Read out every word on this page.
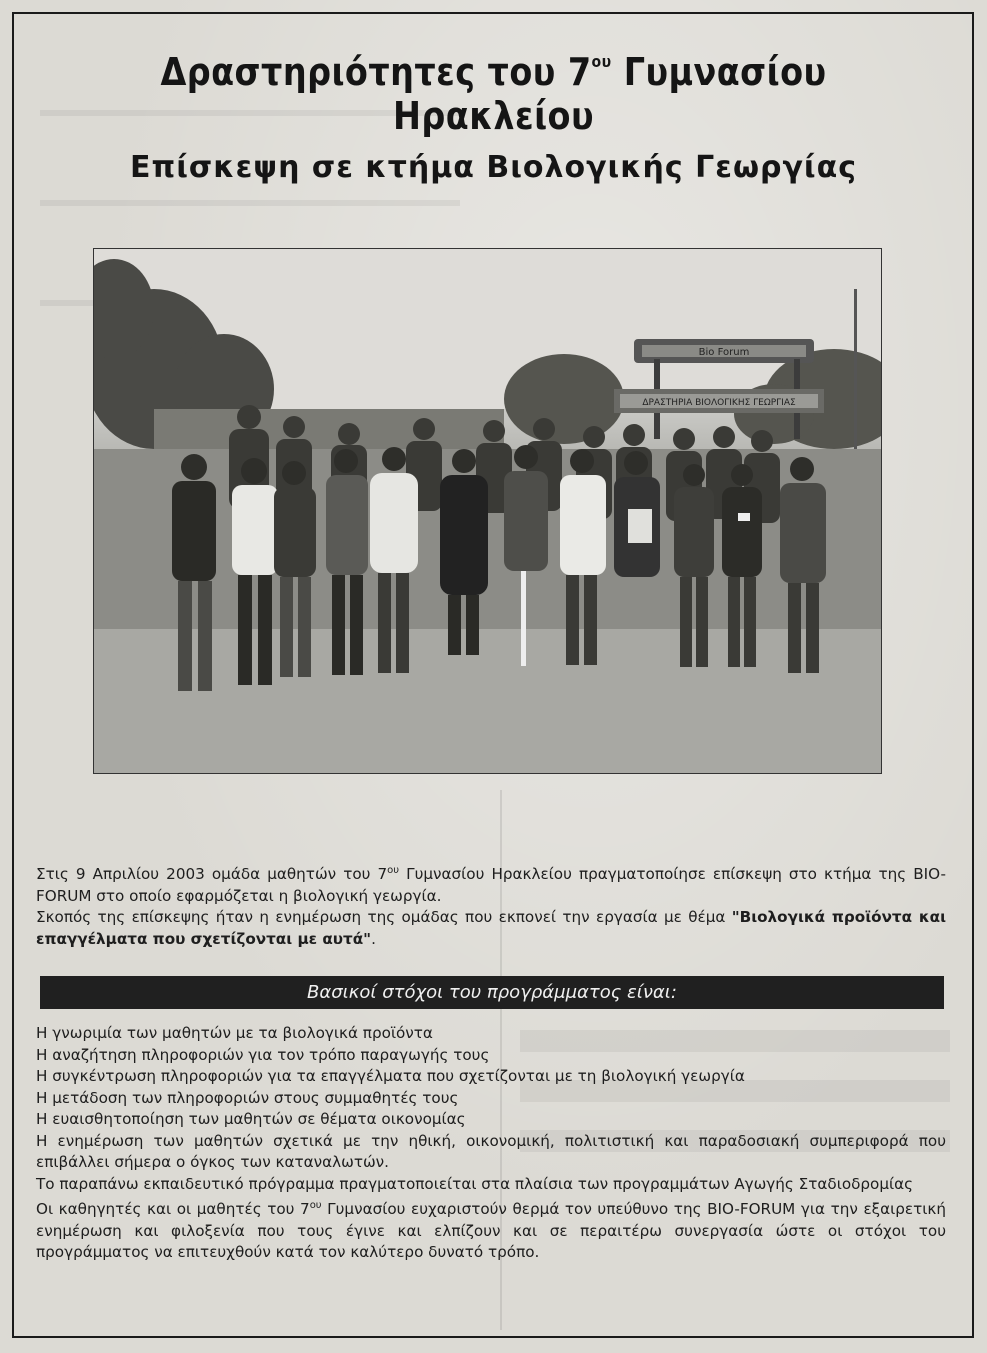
Δραστηριότητες του $7^{o\upsilon}$ Γυμνασίου Ηρακλείου
Επίσκεψη σε κτήμα Βιολογικής Γεωργίας
Bio Forum
ΔΡΑΣΤΗΡΙΑ ΒΙΟΛΟΓΙΚΗΣ ΓΕΩΡΓΙΑΣ

Στις 9 Απριλίου 2003 ομάδα μαθητών του $7^{o\upsilon}$ Γυμνασίου Ηρακλείου πραγματοποίησε επίσκεψη στο κτήμα της BIO-FORUM στο οποίο εφαρμόζεται η βιολογική γεωργία.

Σκοπός της επίσκεψης ήταν η ενημέρωση της ομάδας που εκπονεί την εργασία με θέμα "Βιολογικά προϊόντα και επαγγέλματα που σχετίζονται με αυτά".

Βασικοί στόχοι του προγράμματος είναι:

Η γνωριμία των μαθητών με τα βιολογικά προϊόντα

Η αναζήτηση πληροφοριών για τον τρόπο παραγωγής τους

Η συγκέντρωση πληροφοριών για τα επαγγέλματα που σχετίζονται με τη βιολογική γεωργία

Η μετάδοση των πληροφοριών στους συμμαθητές τους

Η ευαισθητοποίηση των μαθητών σε θέματα οικονομίας

Η ενημέρωση των μαθητών σχετικά με την ηθική, οικονομική, πολιτιστική και παραδοσιακή συμπεριφορά που επιβάλλει σήμερα ο όγκος των καταναλωτών.

Το παραπάνω εκπαιδευτικό πρόγραμμα πραγματοποιείται στα πλαίσια των προγραμμάτων Αγωγής Σταδιοδρομίας

Οι καθηγητές και οι μαθητές του $7^{o\upsilon}$ Γυμνασίου ευχαριστούν θερμά τον υπεύθυνο της BIO-FORUM για την εξαιρετική ενημέρωση και φιλοξενία που τους έγινε και ελπίζουν και σε περαιτέρω συνεργασία ώστε οι στόχοι του προγράμματος να επιτευχθούν κατά τον καλύτερο δυνατό τρόπο.
